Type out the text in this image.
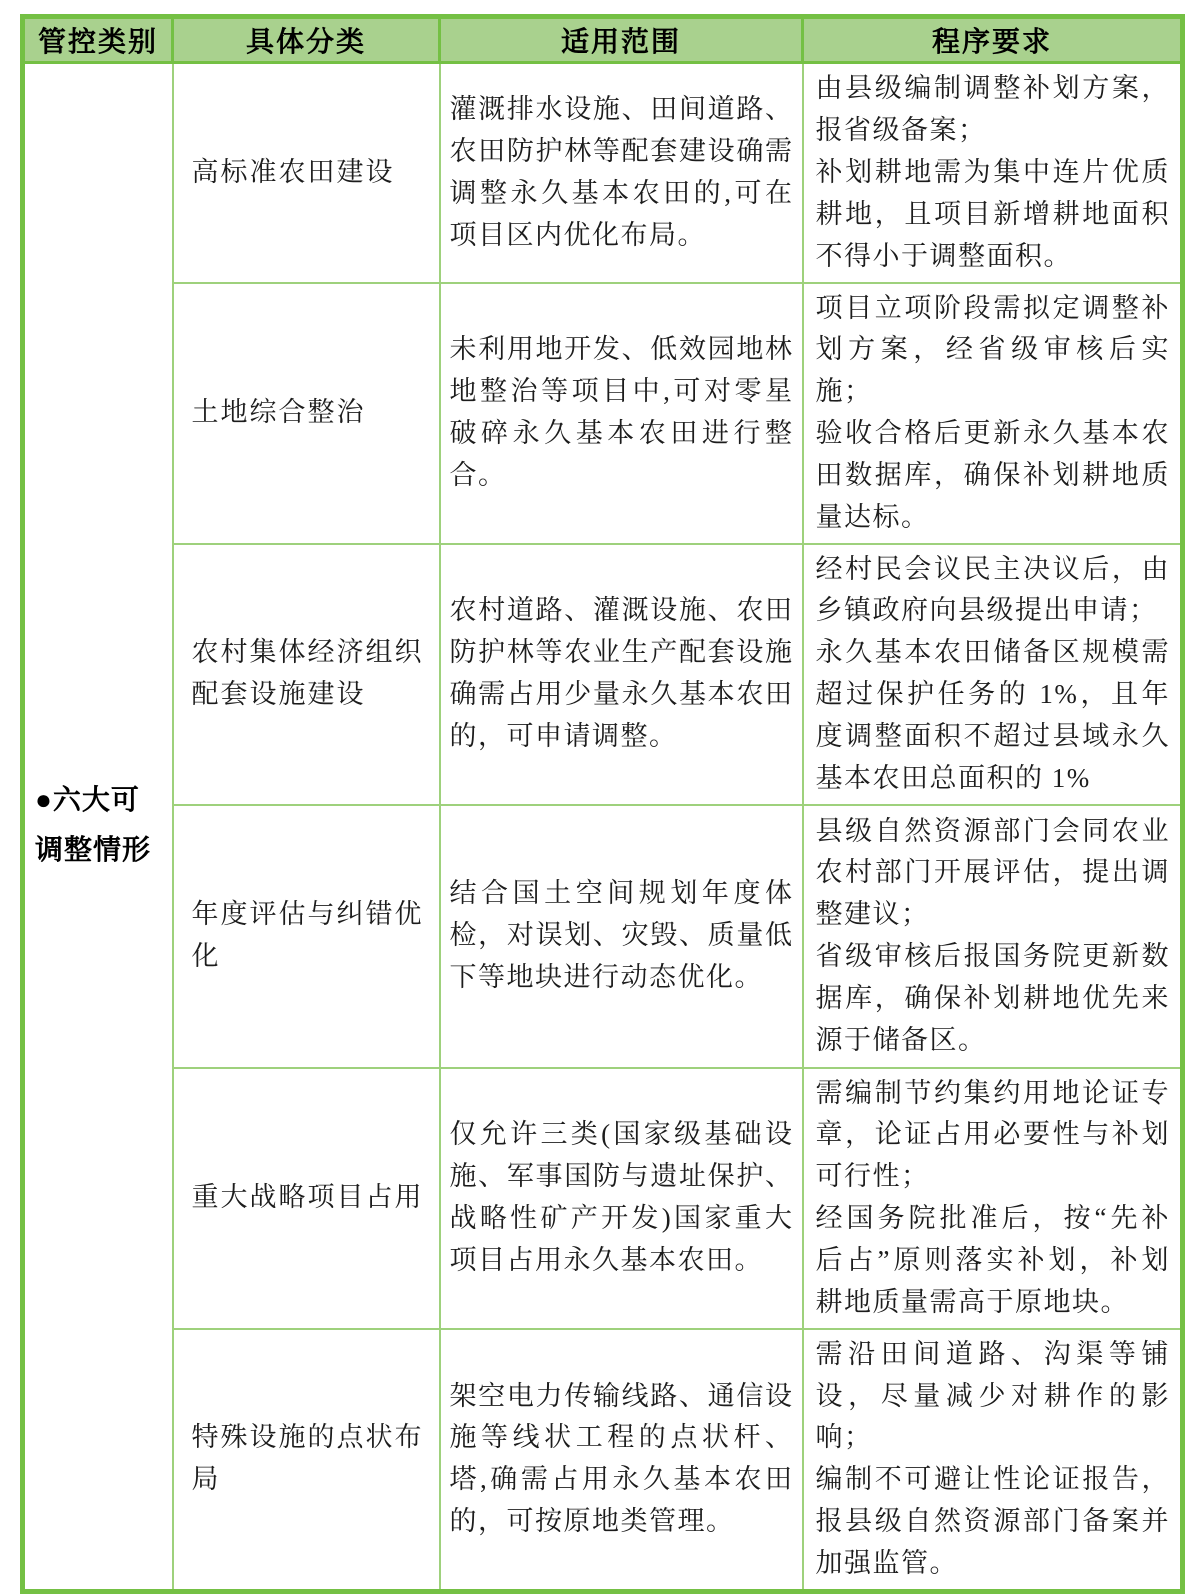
管控类别	具体分类	适用范围	程序要求
●六大可调整情形	高标准农田建设	灌溉排水设施、田间道路、农田防护林等配套建设确需调整永久基本农田的,可在项目区内优化布局。	由县级编制调整补划方案，报省级备案；
补划耕地需为集中连片优质耕地，且项目新增耕地面积不得小于调整面积。

	土地综合整治	未利用地开发、低效园地林地整治等项目中,可对零星破碎永久基本农田进行整合。	项目立项阶段需拟定调整补划方案，经省级审核后实施；
验收合格后更新永久基本农田数据库，确保补划耕地质量达标。

	农村集体经济组织配套设施建设	农村道路、灌溉设施、农田防护林等农业生产配套设施确需占用少量永久基本农田的，可申请调整。	经村民会议民主决议后，由乡镇政府向县级提出申请；
永久基本农田储备区规模需超过保护任务的 1%，且年度调整面积不超过县域永久基本农田总面积的 1%

	年度评估与纠错优化	结合国土空间规划年度体检，对误划、灾毁、质量低下等地块进行动态优化。	县级自然资源部门会同农业农村部门开展评估，提出调整建议；
省级审核后报国务院更新数据库，确保补划耕地优先来源于储备区。

	重大战略项目占用	仅允许三类(国家级基础设施、军事国防与遗址保护、战略性矿产开发)国家重大项目占用永久基本农田。	需编制节约集约用地论证专章，论证占用必要性与补划可行性；
经国务院批准后，按“先补后占”原则落实补划，补划耕地质量需高于原地块。

	特殊设施的点状布局	架空电力传输线路、通信设施等线状工程的点状杆、塔,确需占用永久基本农田的，可按原地类管理。	需沿田间道路、沟渠等铺设，尽量减少对耕作的影响；
编制不可避让性论证报告，报县级自然资源部门备案并加强监管。
